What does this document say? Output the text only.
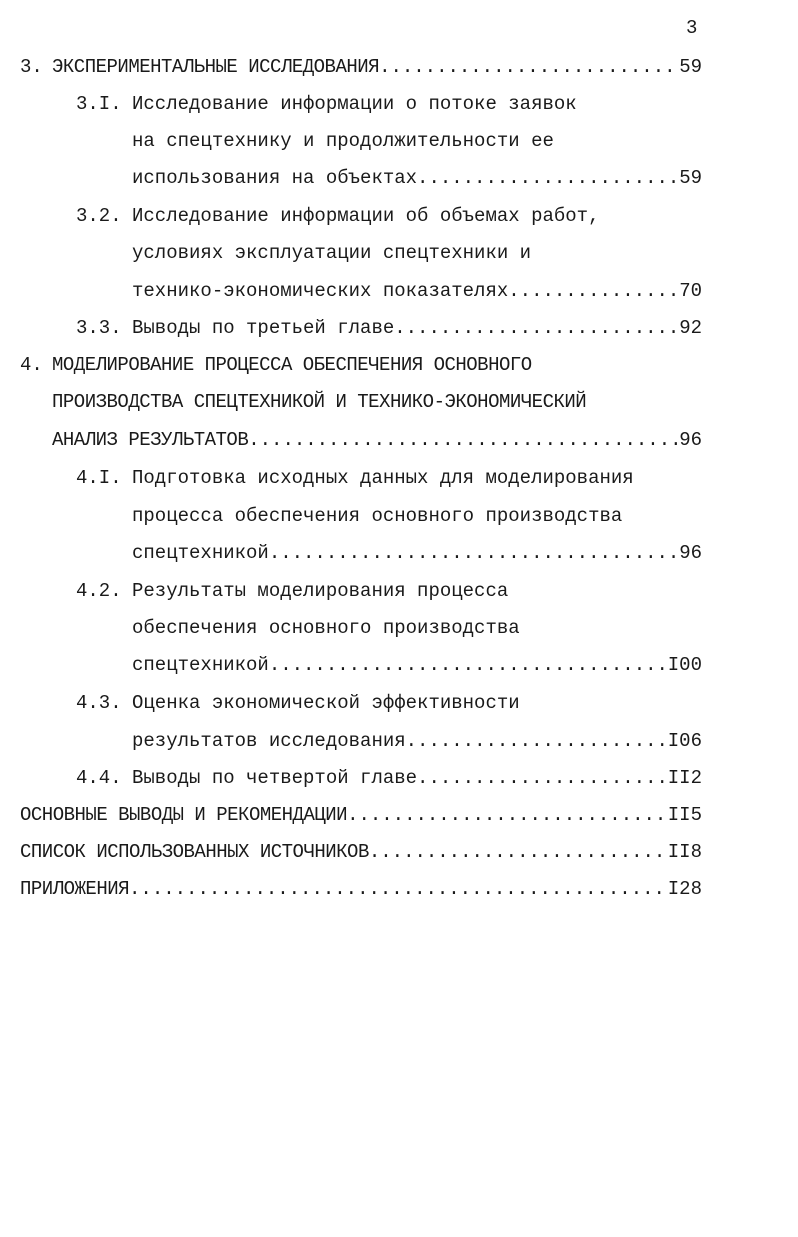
3
3. ЭКСПЕРИМЕНТАЛЬНЫЕ ИССЛЕДОВАНИЯ .....	59
3.I. Исследование информации о потоке заявок
на спецтехнику и продолжительности ее
использования на объектах .....	59
3.2. Исследование информации об объемах работ,
условиях эксплуатации спецтехники и
технико-экономических показателях .....	70
3.3. Выводы по третьей главе .....	92
4. МОДЕЛИРОВАНИЕ ПРОЦЕССА ОБЕСПЕЧЕНИЯ ОСНОВНОГО
ПРОИЗВОДСТВА СПЕЦТЕХНИКОЙ И ТЕХНИКО-ЭКОНОМИЧЕСКИЙ
АНАЛИЗ РЕЗУЛЬТАТОВ .....	96
4.I. Подготовка исходных данных для моделирования
процесса обеспечения основного производства
спецтехникой .....	96
4.2. Результаты моделирования процесса
обеспечения основного производства
спецтехникой .....	I00
4.3. Оценка экономической эффективности
результатов исследования .....	I06
4.4. Выводы по четвертой главе .....	II2
ОСНОВНЫЕ ВЫВОДЫ И РЕКОМЕНДАЦИИ .....	II5
СПИСОК ИСПОЛЬЗОВАННЫХ ИСТОЧНИКОВ .....	II8
ПРИЛОЖЕНИЯ .....	I28
